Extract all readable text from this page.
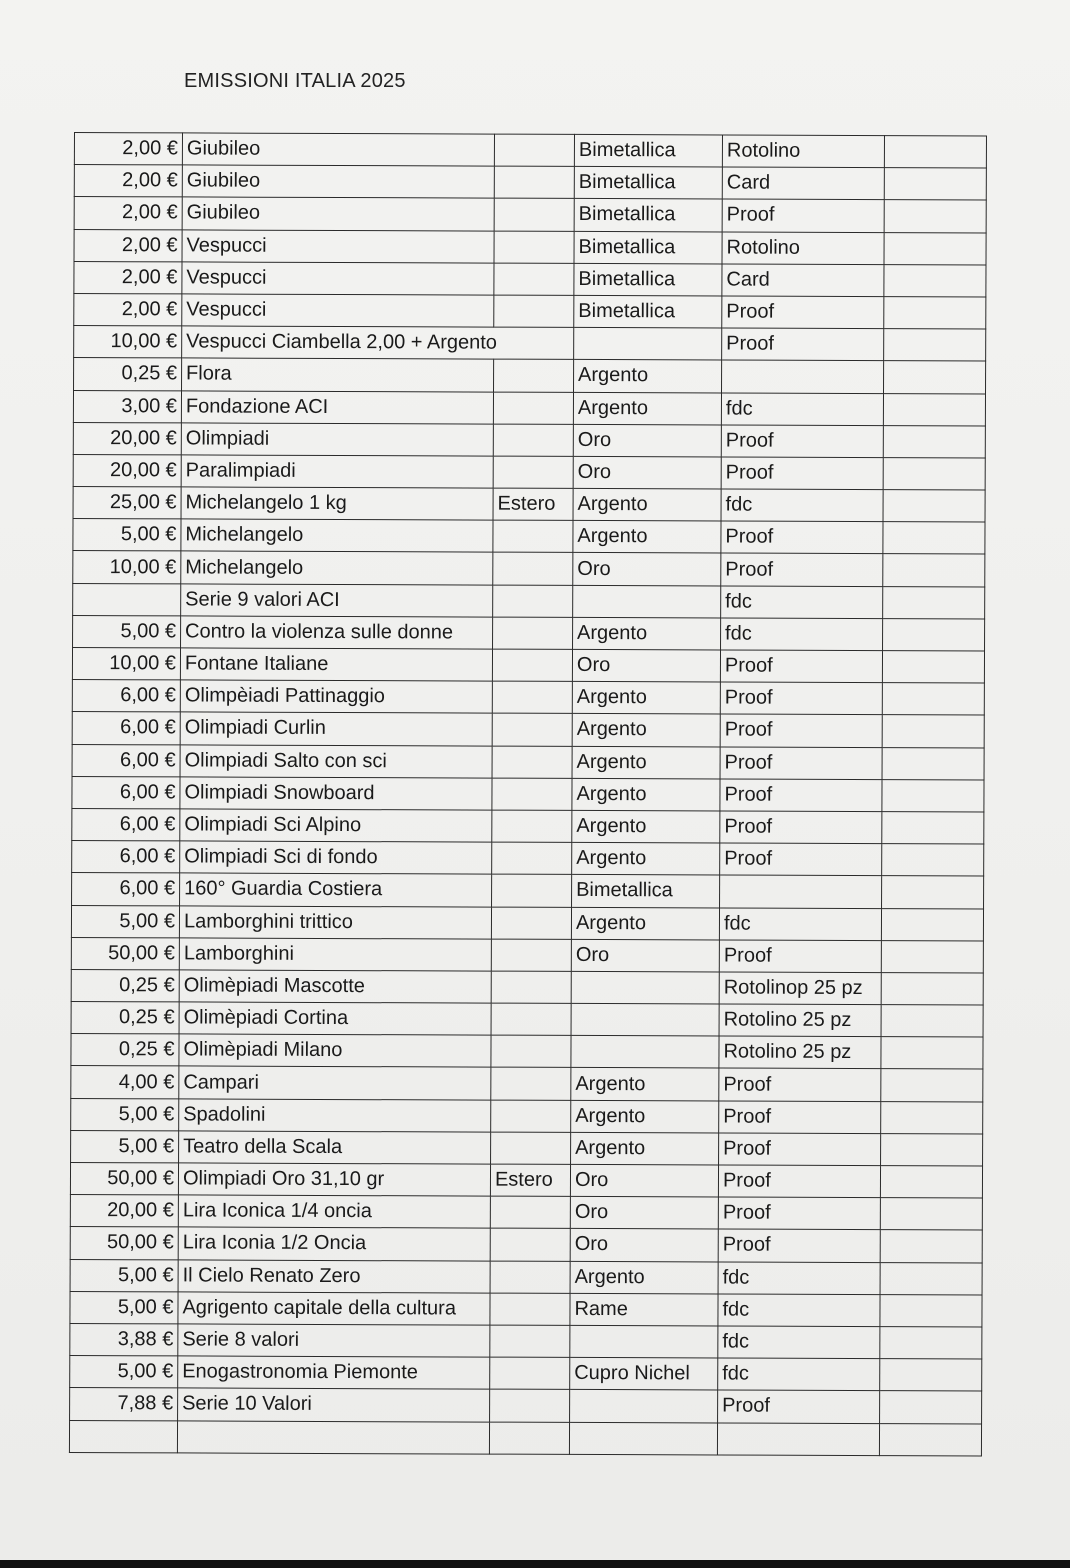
EMISSIONI ITALIA 2025
2,00 €	Giubileo		Bimetallica	Rotolino	
2,00 €	Giubileo		Bimetallica	Card	
2,00 €	Giubileo		Bimetallica	Proof	
2,00 €	Vespucci		Bimetallica	Rotolino	
2,00 €	Vespucci		Bimetallica	Card	
2,00 €	Vespucci		Bimetallica	Proof	
10,00 €	Vespucci Ciambella 2,00 + Argento			Proof	
0,25 €	Flora		Argento		
3,00 €	Fondazione ACI		Argento	fdc	
20,00 €	Olimpiadi		Oro	Proof	
20,00 €	Paralimpiadi		Oro	Proof	
25,00 €	Michelangelo 1 kg	Estero	Argento	fdc	
5,00 €	Michelangelo		Argento	Proof	
10,00 €	Michelangelo		Oro	Proof	
	Serie 9 valori ACI			fdc	
5,00 €	Contro la violenza sulle donne		Argento	fdc	
10,00 €	Fontane Italiane		Oro	Proof	
6,00 €	Olimpèiadi Pattinaggio		Argento	Proof	
6,00 €	Olimpiadi Curlin		Argento	Proof	
6,00 €	Olimpiadi Salto con sci		Argento	Proof	
6,00 €	Olimpiadi Snowboard		Argento	Proof	
6,00 €	Olimpiadi Sci Alpino		Argento	Proof	
6,00 €	Olimpiadi Sci di fondo		Argento	Proof	
6,00 €	160° Guardia Costiera		Bimetallica		
5,00 €	Lamborghini trittico		Argento	fdc	
50,00 €	Lamborghini		Oro	Proof	
0,25 €	Olimèpiadi Mascotte			Rotolinop 25 pz	
0,25 €	Olimèpiadi Cortina			Rotolino 25 pz	
0,25 €	Olimèpiadi Milano			Rotolino 25 pz	
4,00 €	Campari		Argento	Proof	
5,00 €	Spadolini		Argento	Proof	
5,00 €	Teatro della Scala		Argento	Proof	
50,00 €	Olimpiadi Oro 31,10 gr	Estero	Oro	Proof	
20,00 €	Lira Iconica 1/4 oncia		Oro	Proof	
50,00 €	Lira Iconia 1/2 Oncia		Oro	Proof	
5,00 €	Il Cielo Renato Zero		Argento	fdc	
5,00 €	Agrigento capitale della cultura		Rame	fdc	
3,88 €	Serie 8 valori			fdc	
5,00 €	Enogastronomia Piemonte		Cupro Nichel	fdc	
7,88 €	Serie 10 Valori			Proof	
